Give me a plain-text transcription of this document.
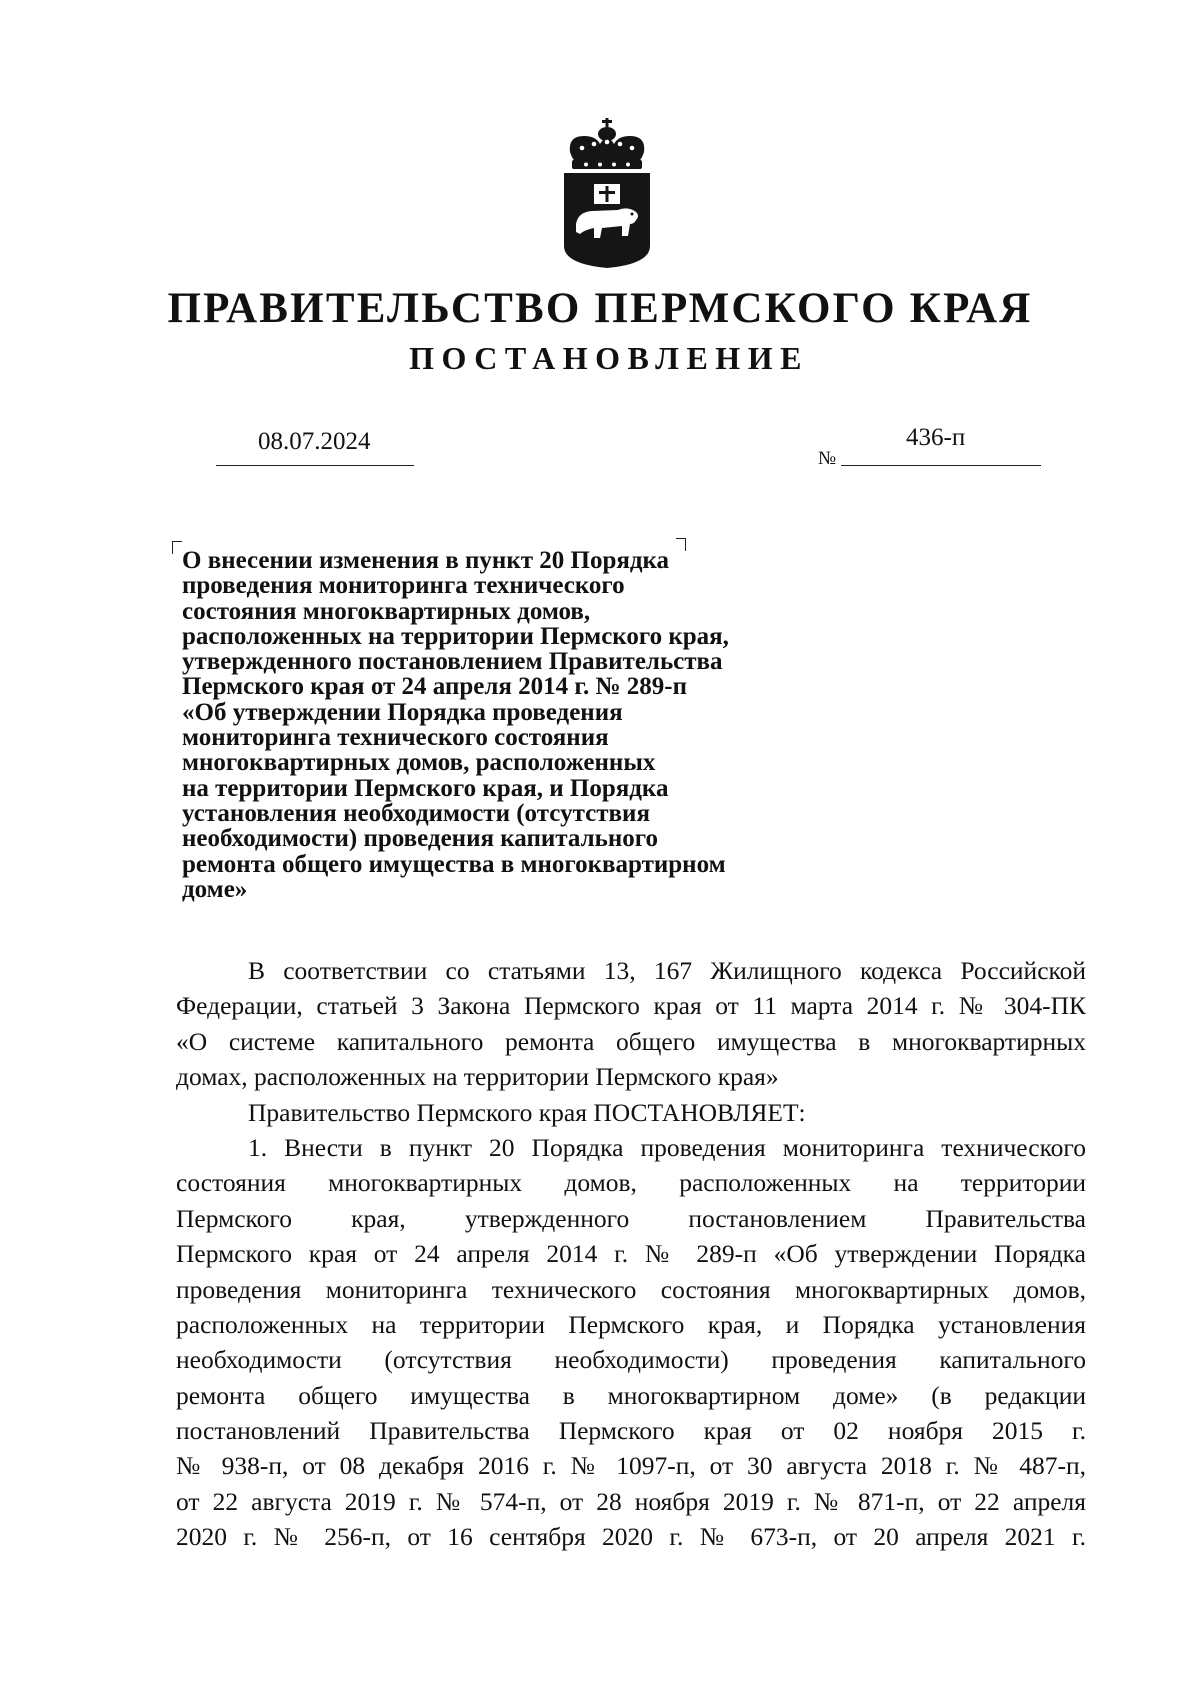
ПРАВИТЕЛЬСТВО ПЕРМСКОГО КРАЯ
ПОСТАНОВЛЕНИЕ
08.07.2024
№
436-п
О внесении изменения в пункт 20 Порядка
проведения мониторинга технического
состояния многоквартирных домов,
расположенных на территории Пермского края,
утвержденного постановлением Правительства
Пермского края от 24 апреля 2014 г. № 289-п
«Об утверждении Порядка проведения
мониторинга технического состояния
многоквартирных домов, расположенных
на территории Пермского края, и Порядка
установления необходимости (отсутствия
необходимости) проведения капитального
ремонта общего имущества в многоквартирном
доме»
В соответствии со статьями 13, 167 Жилищного кодекса Российской
Федерации, статьей 3 Закона Пермского края от 11 марта 2014 г. № 304-ПК
«О системе капитального ремонта общего имущества в многоквартирных
домах, расположенных на территории Пермского края»
Правительство Пермского края ПОСТАНОВЛЯЕТ:
1. Внести в пункт 20 Порядка проведения мониторинга технического
состояния многоквартирных домов, расположенных на территории
Пермского края, утвержденного постановлением Правительства
Пермского края от 24 апреля 2014 г. № 289-п «Об утверждении Порядка
проведения мониторинга технического состояния многоквартирных домов,
расположенных на территории Пермского края, и Порядка установления
необходимости (отсутствия необходимости) проведения капитального
ремонта общего имущества в многоквартирном доме» (в редакции
постановлений Правительства Пермского края от 02 ноября 2015 г.
№ 938-п, от 08 декабря 2016 г. № 1097-п, от 30 августа 2018 г. № 487-п,
от 22 августа 2019 г. № 574-п, от 28 ноября 2019 г. № 871-п, от 22 апреля
2020 г. № 256-п, от 16 сентября 2020 г. № 673-п, от 20 апреля 2021 г.
